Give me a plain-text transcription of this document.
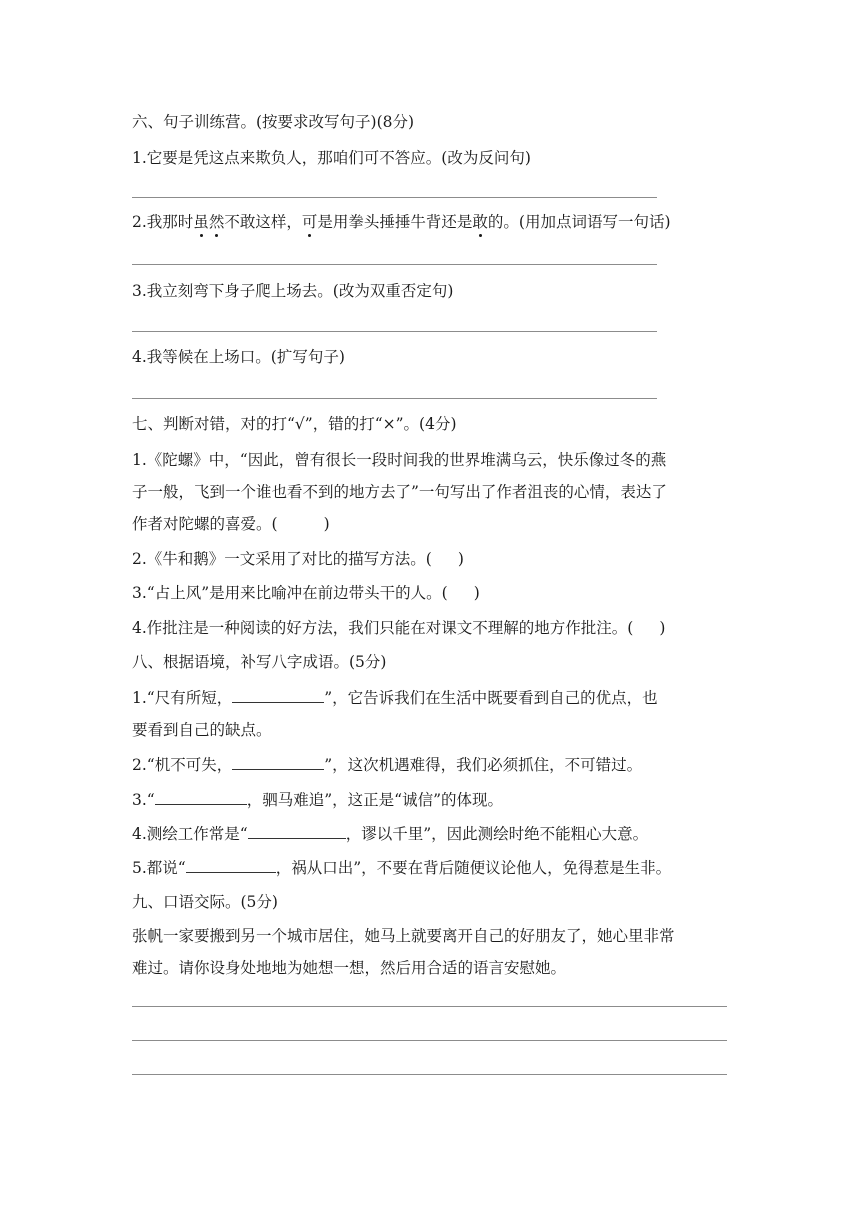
六、句子训练营。(按要求改写句子)(8分)
1.它要是凭这点来欺负人，那咱们可不答应。(改为反问句)
2.我那时虽然不敢这样，可是用拳头捶捶牛背还是敢的。(用加点词语写一句话)
3.我立刻弯下身子爬上场去。(改为双重否定句)
4.我等候在上场口。(扩写句子)
七、判断对错，对的打“√”，错的打“×”。(4分)
1.《陀螺》中，“因此，曾有很长一段时间我的世界堆满乌云，快乐像过冬的燕
子一般，飞到一个谁也看不到的地方去了”一句写出了作者沮丧的心情，表达了
作者对陀螺的喜爱。(	)
2.《牛和鹅》一文采用了对比的描写方法。( )
3.“占上风”是用来比喻冲在前边带头干的人。( )
4.作批注是一种阅读的好方法，我们只能在对课文不理解的地方作批注。( )
八、根据语境，补写八字成语。(5分)
1.“尺有所短，	”，它告诉我们在生活中既要看到自己的优点，也
要看到自己的缺点。
2.“机不可失，	”，这次机遇难得，我们必须抓住，不可错过。
3.“	，驷马难追”，这正是“诚信”的体现。
4.测绘工作常是“	，谬以千里”，因此测绘时绝不能粗心大意。
5.都说“	，祸从口出”，不要在背后随便议论他人，免得惹是生非。
九、口语交际。(5分)
张帆一家要搬到另一个城市居住，她马上就要离开自己的好朋友了，她心里非常
难过。请你设身处地地为她想一想，然后用合适的语言安慰她。
